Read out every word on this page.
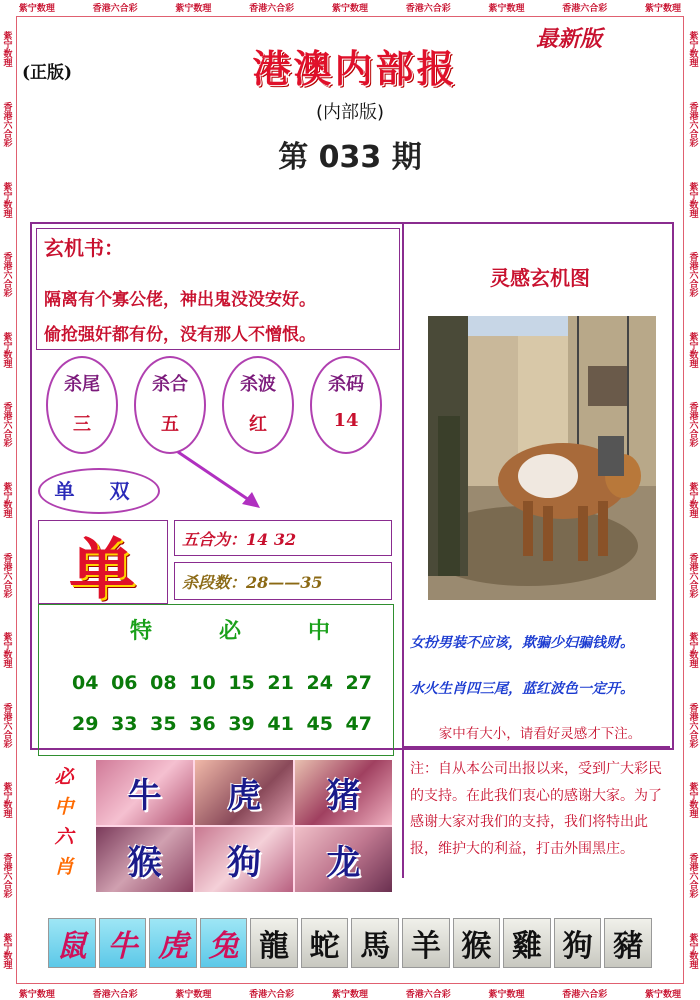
紫宁数理	香港六合彩	紫宁数理	香港六合彩	紫宁数理	香港六合彩	紫宁数理	香港六合彩	紫宁数理
紫宁数理	香港六合彩	紫宁数理	香港六合彩	紫宁数理	香港六合彩	紫宁数理	香港六合彩	紫宁数理
紫宁数理
香港六合彩
紫宁数理
香港六合彩
紫宁数理
香港六合彩
紫宁数理
香港六合彩
紫宁数理
香港六合彩
紫宁数理
香港六合彩
紫宁数理
紫宁数理
香港六合彩
紫宁数理
香港六合彩
紫宁数理
香港六合彩
紫宁数理
香港六合彩
紫宁数理
香港六合彩
紫宁数理
香港六合彩
紫宁数理
(正版)
最新版
港澳内部报
(内部版)
第 033 期
玄机书：
隔离有个寡公佬，神出鬼没没安好。
偷抢强奸都有份，没有那人不憎恨。
杀尾
三
杀合
五
杀波
红
杀码
14
单 双
单	五合为：14 32
杀段数：28——35
特	必	中
04 06 08 10 15 21 24 27
29 33 35 36 39 41 45 47
必
中
六
肖
牛	虎	猪
猴	狗	龙
灵感玄机图
女扮男装不应该，欺骗少妇骗钱财。
水火生肖四三尾，蓝红波色一定开。
家中有大小，请看好灵感才下注。
注：自从本公司出报以来，受到广大彩民的支持。在此我们衷心的感谢大家。为了感谢大家对我们的支持，我们将特出此报，维护大的利益，打击外围黑庄。
鼠 牛 虎 兔 龍 蛇 馬 羊 猴 雞 狗 豬
